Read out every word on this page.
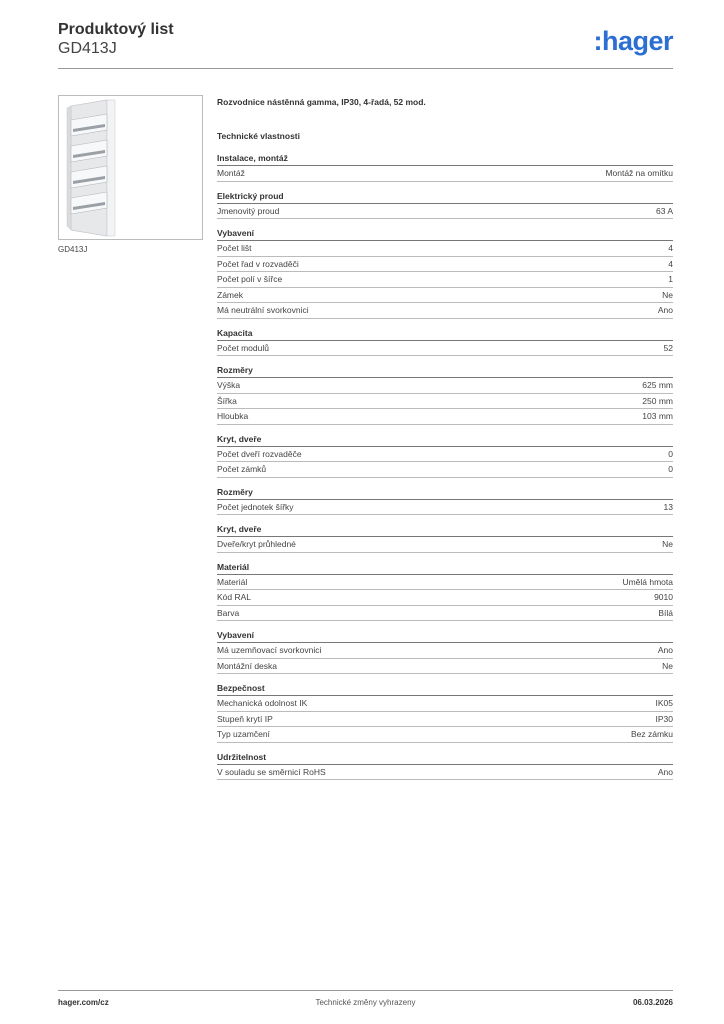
Produktový list
GD413J	:hager
GD413J
Rozvodnice nástěnná gamma, IP30, 4-řadá, 52 mod.
Technické vlastnosti
Instalace, montáž
Montáž	Montáž na omítku
Elektrický proud
Jmenovitý proud	63 A
Vybavení
Počet lišt	4
Počet řad v rozvaděči	4
Počet polí v šířce	1
Zámek	Ne
Má neutrální svorkovnici	Ano
Kapacita
Počet modulů	52
Rozměry
Výška	625 mm
Šířka	250 mm
Hloubka	103 mm
Kryt, dveře
Počet dveří rozvaděče	0
Počet zámků	0
Rozměry
Počet jednotek šířky	13
Kryt, dveře
Dveře/kryt průhledné	Ne
Materiál
Materiál	Umělá hmota
Kód RAL	9010
Barva	Bílá
Vybavení
Má uzemňovací svorkovnici	Ano
Montážní deska	Ne
Bezpečnost
Mechanická odolnost IK	IK05
Stupeň krytí IP	IP30
Typ uzamčení	Bez zámku
Udržitelnost
V souladu se směrnicí RoHS	Ano
hager.com/cz	Technické změny vyhrazeny	06.03.2026
